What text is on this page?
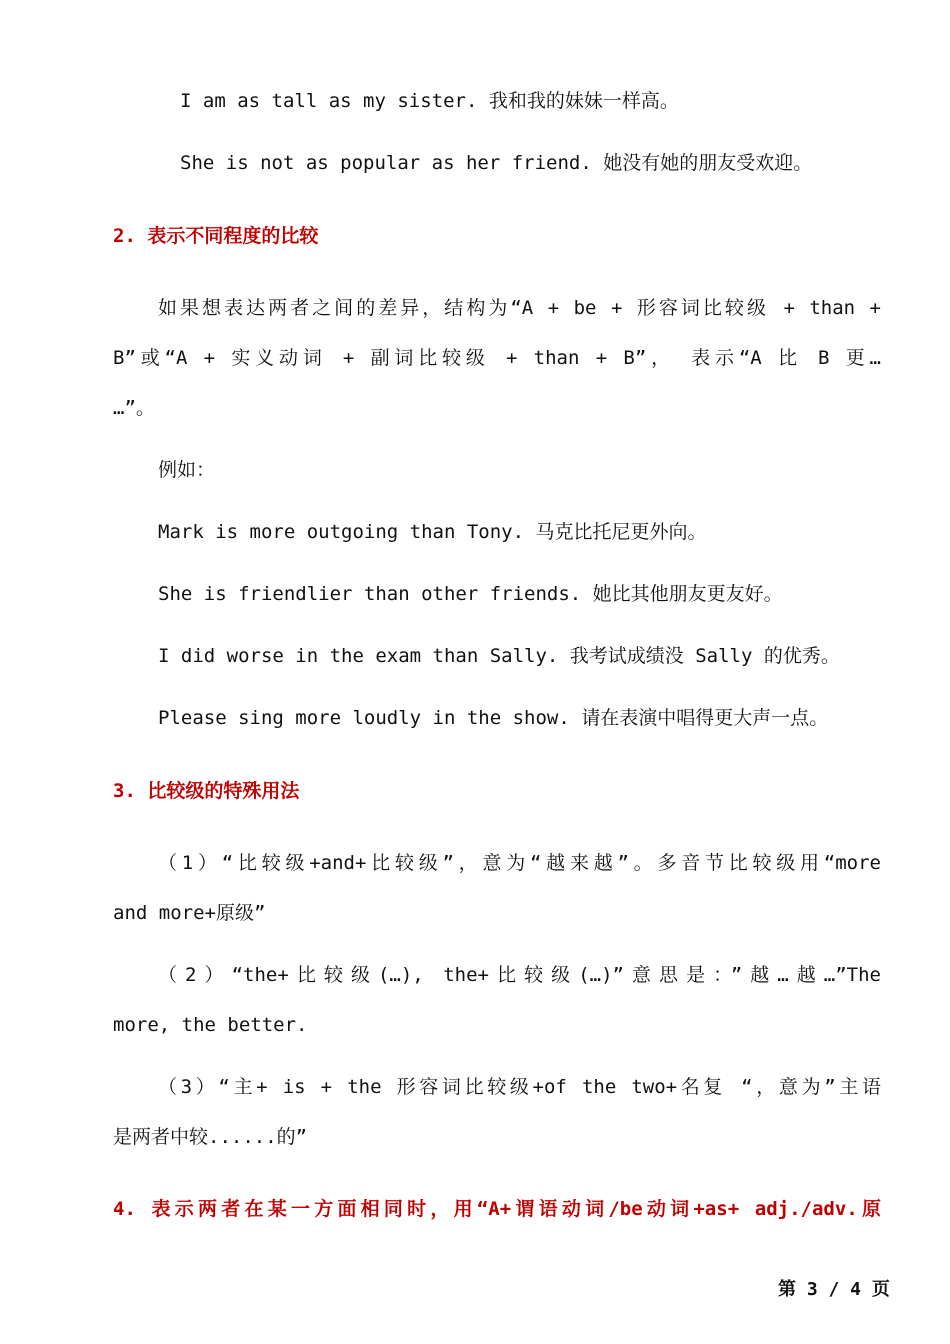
I am as tall as my sister. 我和我的妹妹一样高。
She is not as popular as her friend. 她没有她的朋友受欢迎。
2. 表示不同程度的比较
如果想表达两者之间的差异，结构为“A + be + 形容词比较级 + than +
B”或“A + 实义动词 + 副词比较级 + than + B”， 表示“A 比 B 更…
…”。
例如：
Mark is more outgoing than Tony. 马克比托尼更外向。
She is friendlier than other friends. 她比其他朋友更友好。
I did worse in the exam than Sally. 我考试成绩没 Sally 的优秀。
Please sing more loudly in the show. 请在表演中唱得更大声一点。
3. 比较级的特殊用法
（1）“比较级+and+比较级”，意为“越来越”。多音节比较级用“more
and more+原级”
（2）“the+比较级(…), the+比较级(…)”意思是：”越…越…”The
more, the better.
（3）“主+ is + the 形容词比较级+of the two+名复 “，意为”主语
是两者中较......的”
4. 表示两者在某一方面相同时，用“A+谓语动词/be动词+as+ adj./adv.原
第 3 / 4 页
